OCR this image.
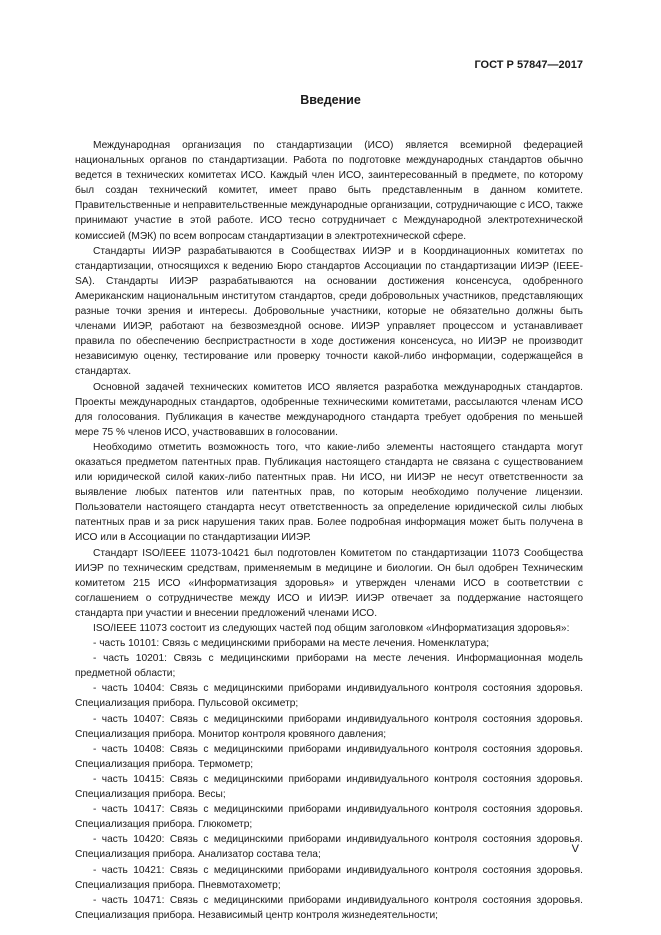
ГОСТ Р 57847—2017
Введение

Международная организация по стандартизации (ИСО) является всемирной федерацией национальных органов по стандартизации. Работа по подготовке международных стандартов обычно ведется в технических комитетах ИСО. Каждый член ИСО, заинтересованный в предмете, по которому был создан технический комитет, имеет право быть представленным в данном комитете. Правительственные и неправительственные международные организации, сотрудничающие с ИСО, также принимают участие в этой работе. ИСО тесно сотрудничает с Международной электротехнической комиссией (МЭК) по всем вопросам стандартизации в электротехнической сфере.

Стандарты ИИЭР разрабатываются в Сообществах ИИЭР и в Координационных комитетах по стандартизации, относящихся к ведению Бюро стандартов Ассоциации по стандартизации ИИЭР (IEEE-SA). Стандарты ИИЭР разрабатываются на основании достижения консенсуса, одобренного Американским национальным институтом стандартов, среди добровольных участников, представляющих разные точки зрения и интересы. Добровольные участники, которые не обязательно должны быть членами ИИЭР, работают на безвозмездной основе. ИИЭР управляет процессом и устанавливает правила по обеспечению беспристрастности в ходе достижения консенсуса, но ИИЭР не производит независимую оценку, тестирование или проверку точности какой-либо информации, содержащейся в стандартах.

Основной задачей технических комитетов ИСО является разработка международных стандартов. Проекты международных стандартов, одобренные техническими комитетами, рассылаются членам ИСО для голосования. Публикация в качестве международного стандарта требует одобрения по меньшей мере 75 % членов ИСО, участвовавших в голосовании.

Необходимо отметить возможность того, что какие-либо элементы настоящего стандарта могут оказаться предметом патентных прав. Публикация настоящего стандарта не связана с существованием или юридической силой каких-либо патентных прав. Ни ИСО, ни ИИЭР не несут ответственности за выявление любых патентов или патентных прав, по которым необходимо получение лицензии. Пользователи настоящего стандарта несут ответственность за определение юридической силы любых патентных прав и за риск нарушения таких прав. Более подробная информация может быть получена в ИСО или в Ассоциации по стандартизации ИИЭР.

Стандарт ISO/IEEE 11073-10421 был подготовлен Комитетом по стандартизации 11073 Сообщества ИИЭР по техническим средствам, применяемым в медицине и биологии. Он был одобрен Техническим комитетом 215 ИСО «Информатизация здоровья» и утвержден членами ИСО в соответствии с соглашением о сотрудничестве между ИСО и ИИЭР. ИИЭР отвечает за поддержание настоящего стандарта при участии и внесении предложений членами ИСО.

ISO/IEEE 11073 состоит из следующих частей под общим заголовком «Информатизация здоровья»:

- часть 10101: Связь с медицинскими приборами на месте лечения. Номенклатура;

- часть 10201: Связь с медицинскими приборами на месте лечения. Информационная модель предметной области;

- часть 10404: Связь с медицинскими приборами индивидуального контроля состояния здоровья. Специализация прибора. Пульсовой оксиметр;

- часть 10407: Связь с медицинскими приборами индивидуального контроля состояния здоровья. Специализация прибора. Монитор контроля кровяного давления;

- часть 10408: Связь с медицинскими приборами индивидуального контроля состояния здоровья. Специализация прибора. Термометр;

- часть 10415: Связь с медицинскими приборами индивидуального контроля состояния здоровья. Специализация прибора. Весы;

- часть 10417: Связь с медицинскими приборами индивидуального контроля состояния здоровья. Специализация прибора. Глюкометр;

- часть 10420: Связь с медицинскими приборами индивидуального контроля состояния здоровья. Специализация прибора. Анализатор состава тела;

- часть 10421: Связь с медицинскими приборами индивидуального контроля состояния здоровья. Специализация прибора. Пневмотахометр;

- часть 10471: Связь с медицинскими приборами индивидуального контроля состояния здоровья. Специализация прибора. Независимый центр контроля жизнедеятельности;

V
